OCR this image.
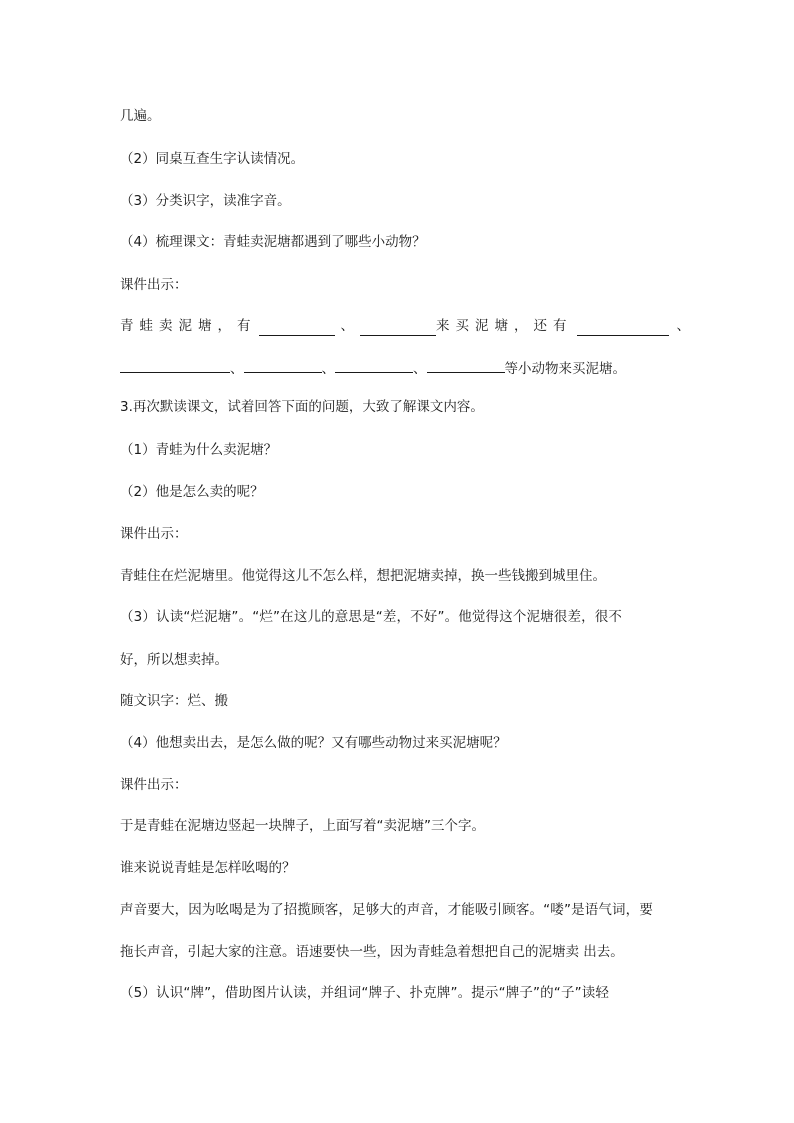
几遍。
（2）同桌互查生字认读情况。
（3）分类识字，读准字音。
（4）梳理课文：青蛙卖泥塘都遇到了哪些小动物？
课件出示：
青蛙卖泥塘， 有	、	来买泥塘， 还有	、
、	、	、	等小动物来买泥塘。
3.再次默读课文，试着回答下面的问题，大致了解课文内容。
（1）青蛙为什么卖泥塘？
（2）他是怎么卖的呢？
课件出示：
青蛙住在烂泥塘里。他觉得这儿不怎么样，想把泥塘卖掉，换一些钱搬到城里住。
（3）认读“烂泥塘”。“烂”在这儿的意思是“差，不好”。他觉得这个泥塘很差，很不
好，所以想卖掉。
随文识字：烂、搬
（4）他想卖出去，是怎么做的呢？又有哪些动物过来买泥塘呢？
课件出示：
于是青蛙在泥塘边竖起一块牌子，上面写着“卖泥塘”三个字。
谁来说说青蛙是怎样吆喝的？
声音要大，因为吆喝是为了招揽顾客，足够大的声音，才能吸引顾客。“喽”是语气词，要
拖长声音，引起大家的注意。语速要快一些，因为青蛙急着想把自己的泥塘卖 出去。
（5）认识“牌”，借助图片认读，并组词“牌子、扑克牌”。提示“牌子”的“子”读轻
